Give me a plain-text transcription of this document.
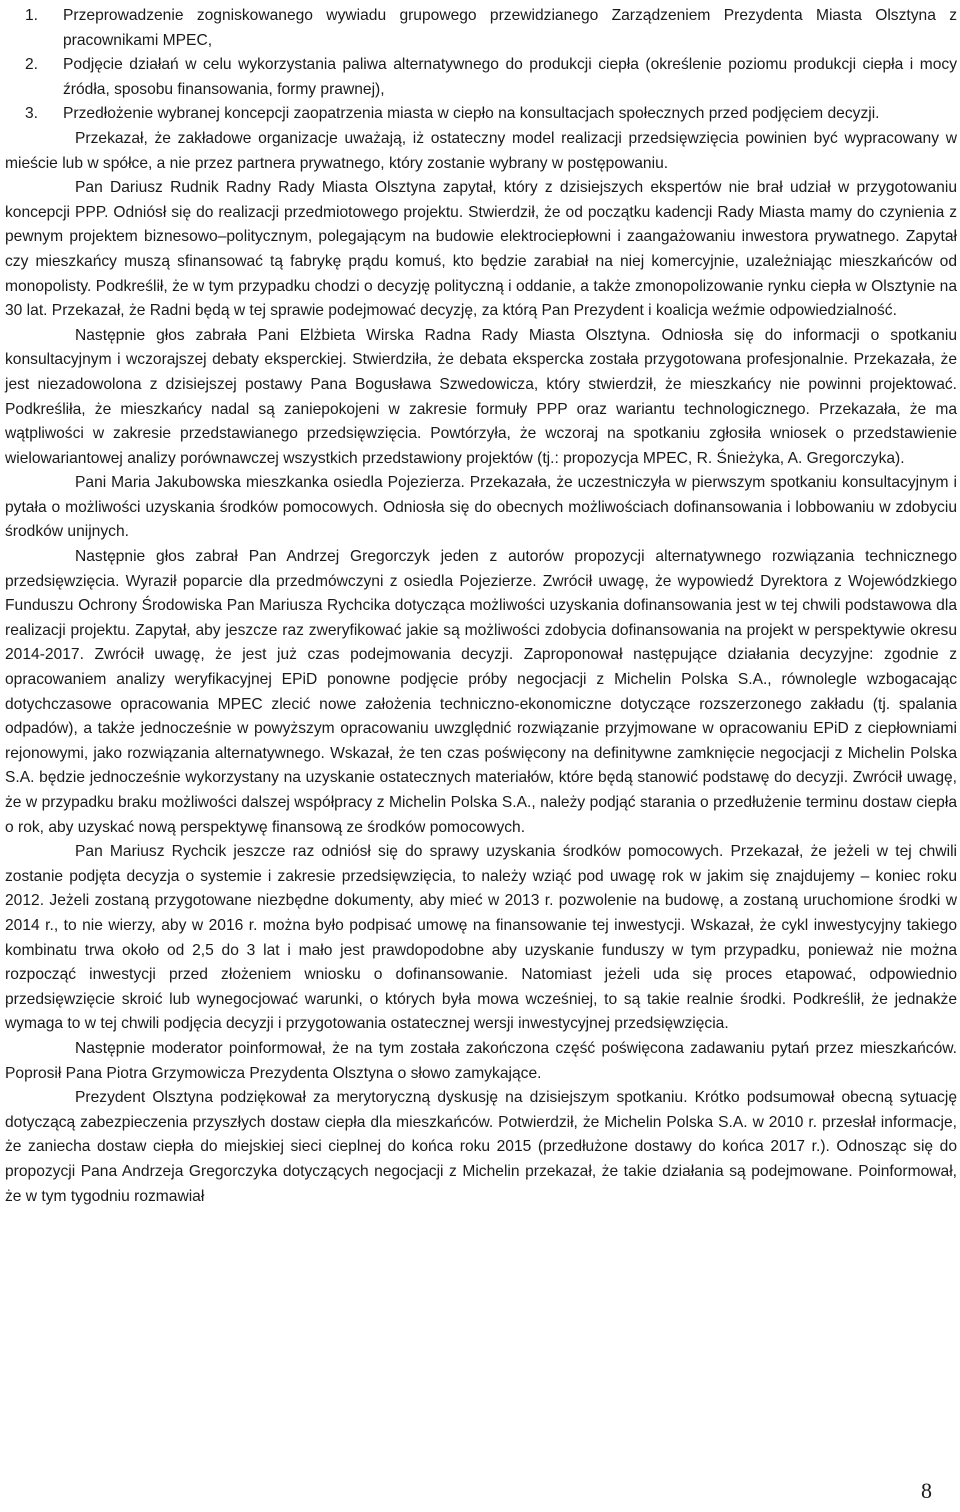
1. Przeprowadzenie zogniskowanego wywiadu grupowego przewidzianego Zarządzeniem Prezydenta Miasta Olsztyna z pracownikami MPEC,
2. Podjęcie działań w celu wykorzystania paliwa alternatywnego do produkcji ciepła (określenie poziomu produkcji ciepła i mocy źródła, sposobu finansowania, formy prawnej),
3. Przedłożenie wybranej koncepcji zaopatrzenia miasta w ciepło na konsultacjach społecznych przed podjęciem decyzji.

Przekazał, że zakładowe organizacje uważają, iż ostateczny model realizacji przedsięwzięcia powinien być wypracowany w mieście lub w spółce, a nie przez partnera prywatnego, który zostanie wybrany w postępowaniu.

Pan Dariusz Rudnik Radny Rady Miasta Olsztyna zapytał, który z dzisiejszych ekspertów nie brał udział w przygotowaniu koncepcji PPP. Odniósł się do realizacji przedmiotowego projektu. Stwierdził, że od początku kadencji Rady Miasta mamy do czynienia z pewnym projektem biznesowo–politycznym, polegającym na budowie elektrociepłowni i zaangażowaniu inwestora prywatnego. Zapytał czy mieszkańcy muszą sfinansować tą fabrykę prądu komuś, kto będzie zarabiał na niej komercyjnie, uzależniając mieszkańców od monopolisty. Podkreślił, że w tym przypadku chodzi o decyzję polityczną i oddanie, a także zmonopolizowanie rynku ciepła w Olsztynie na 30 lat. Przekazał, że Radni będą w tej sprawie podejmować decyzję, za którą Pan Prezydent i koalicja weźmie odpowiedzialność.

Następnie głos zabrała Pani Elżbieta Wirska Radna Rady Miasta Olsztyna. Odniosła się do informacji o spotkaniu konsultacyjnym i wczorajszej debaty eksperckiej. Stwierdziła, że debata ekspercka została przygotowana profesjonalnie. Przekazała, że jest niezadowolona z dzisiejszej postawy Pana Bogusława Szwedowicza, który stwierdził, że mieszkańcy nie powinni projektować. Podkreśliła, że mieszkańcy nadal są zaniepokojeni w zakresie formuły PPP oraz wariantu technologicznego. Przekazała, że ma wątpliwości w zakresie przedstawianego przedsięwzięcia. Powtórzyła, że wczoraj na spotkaniu zgłosiła wniosek o przedstawienie wielowariantowej analizy porównawczej wszystkich przedstawiony projektów (tj.: propozycja MPEC, R. Śnieżyka, A. Gregorczyka).

Pani Maria Jakubowska mieszkanka osiedla Pojezierza. Przekazała, że uczestniczyła w pierwszym spotkaniu konsultacyjnym i pytała o możliwości uzyskania środków pomocowych. Odniosła się do obecnych możliwościach dofinansowania i lobbowaniu w zdobyciu środków unijnych.

Następnie głos zabrał Pan Andrzej Gregorczyk jeden z autorów propozycji alternatywnego rozwiązania technicznego przedsięwzięcia. Wyraził poparcie dla przedmówczyni z osiedla Pojezierze. Zwrócił uwagę, że wypowiedź Dyrektora z Wojewódzkiego Funduszu Ochrony Środowiska Pan Mariusza Rychcika dotycząca możliwości uzyskania dofinansowania jest w tej chwili podstawowa dla realizacji projektu. Zapytał, aby jeszcze raz zweryfikować jakie są możliwości zdobycia dofinansowania na projekt w perspektywie okresu 2014-2017. Zwrócił uwagę, że jest już czas podejmowania decyzji. Zaproponował następujące działania decyzyjne: zgodnie z opracowaniem analizy weryfikacyjnej EPiD ponowne podjęcie próby negocjacji z Michelin Polska S.A., równolegle wzbogacając dotychczasowe opracowania MPEC zlecić nowe założenia techniczno-ekonomiczne dotyczące rozszerzonego zakładu (tj. spalania odpadów), a także jednocześnie w powyższym opracowaniu uwzględnić rozwiązanie przyjmowane w opracowaniu EPiD z ciepłowniami rejonowymi, jako rozwiązania alternatywnego. Wskazał, że ten czas poświęcony na definitywne zamknięcie negocjacji z Michelin Polska S.A. będzie jednocześnie wykorzystany na uzyskanie ostatecznych materiałów, które będą stanowić podstawę do decyzji. Zwrócił uwagę, że w przypadku braku możliwości dalszej współpracy z Michelin Polska S.A., należy podjąć starania o przedłużenie terminu dostaw ciepła o rok, aby uzyskać nową perspektywę finansową ze środków pomocowych.

Pan Mariusz Rychcik jeszcze raz odniósł się do sprawy uzyskania środków pomocowych. Przekazał, że jeżeli w tej chwili zostanie podjęta decyzja o systemie i zakresie przedsięwzięcia, to należy wziąć pod uwagę rok w jakim się znajdujemy – koniec roku 2012. Jeżeli zostaną przygotowane niezbędne dokumenty, aby mieć w 2013 r. pozwolenie na budowę, a zostaną uruchomione środki w 2014 r., to nie wierzy, aby w 2016 r. można było podpisać umowę na finansowanie tej inwestycji. Wskazał, że cykl inwestycyjny takiego kombinatu trwa około od 2,5 do 3 lat i mało jest prawdopodobne aby uzyskanie funduszy w tym przypadku, ponieważ nie można rozpocząć inwestycji przed złożeniem wniosku o dofinansowanie. Natomiast jeżeli uda się proces etapować, odpowiednio przedsięwzięcie skroić lub wynegocjować warunki, o których była mowa wcześniej, to są takie realnie środki. Podkreślił, że jednakże wymaga to w tej chwili podjęcia decyzji i przygotowania ostatecznej wersji inwestycyjnej przedsięwzięcia.

Następnie moderator poinformował, że na tym została zakończona część poświęcona zadawaniu pytań przez mieszkańców. Poprosił Pana Piotra Grzymowicza Prezydenta Olsztyna o słowo zamykające.

Prezydent Olsztyna podziękował za merytoryczną dyskusję na dzisiejszym spotkaniu. Krótko podsumował obecną sytuację dotyczącą zabezpieczenia przyszłych dostaw ciepła dla mieszkańców. Potwierdził, że Michelin Polska S.A. w 2010 r. przesłał informacje, że zaniecha dostaw ciepła do miejskiej sieci cieplnej do końca roku 2015 (przedłużone dostawy do końca 2017 r.). Odnosząc się do propozycji Pana Andrzeja Gregorczyka dotyczących negocjacji z Michelin przekazał, że takie działania są podejmowane. Poinformował, że w tym tygodniu rozmawiał

8
